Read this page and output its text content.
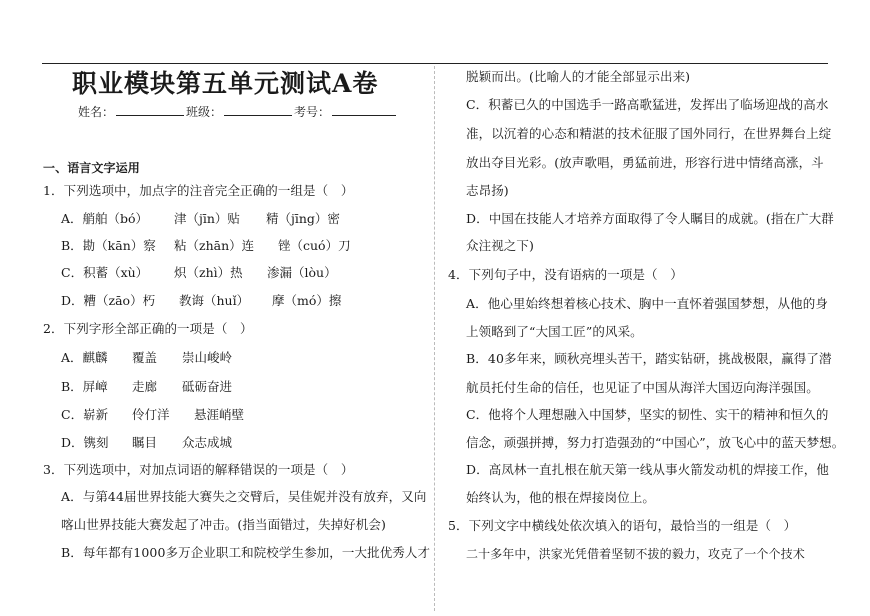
职业模块第五单元测试A卷
姓名：	班级：	考号：
一、语言文字运用
1．下列选项中，加点字的注音完全正确的一组是（　）
A．艄舶（bó） 津（jīn）贴 精（jīng）密
B．勘（kān）察 粘（zhān）连 锉（cuó）刀
C．积蓄（xù） 炽（zhì）热 渗漏（lòu）
D．糟（zāo）朽 教诲（huǐ） 摩（mó）擦
2．下列字形全部正确的一项是（　）
A．麒麟 覆盖 崇山峻岭
B．屏嶂 走廊 砥砺奋进
C．崭新 伶仃洋 悬涯峭壁
D．镌刻 瞩目 众志成城
3．下列选项中，对加点词语的解释错误的一项是（　）
A．与第44届世界技能大赛失之交臂后，吴佳妮并没有放弃，又向
喀山世界技能大赛发起了冲击。(指当面错过，失掉好机会)
B．每年都有1000多万企业职工和院校学生参加，一大批优秀人才
脱颖而出。(比喻人的才能全部显示出来)
C．积蓄已久的中国选手一路高歌猛进，发挥出了临场迎战的高水
准，以沉着的心态和精湛的技术征服了国外同行，在世界舞台上绽
放出夺目光彩。(放声歌唱，勇猛前进，形容行进中情绪高涨，斗
志昂扬)
D．中国在技能人才培养方面取得了令人瞩目的成就。(指在广大群
众注视之下)
4．下列句子中，没有语病的一项是（　）
A．他心里始终想着核心技术、胸中一直怀着强国梦想，从他的身
上领略到了“大国工匠”的风采。
B．40多年来，顾秋亮埋头苦干，踏实钻研，挑战极限，赢得了潜
航员托付生命的信任，也见证了中国从海洋大国迈向海洋强国。
C．他将个人理想融入中国梦，坚实的韧性、实干的精神和恒久的
信念，顽强拼搏，努力打造强劲的“中国心”，放飞心中的蓝天梦想。
D．高凤林一直扎根在航天第一线从事火箭发动机的焊接工作，他
始终认为，他的根在焊接岗位上。
5．下列文字中横线处依次填入的语句，最恰当的一组是（　）
二十多年中，洪家光凭借着坚韧不拔的毅力，攻克了一个个技术
